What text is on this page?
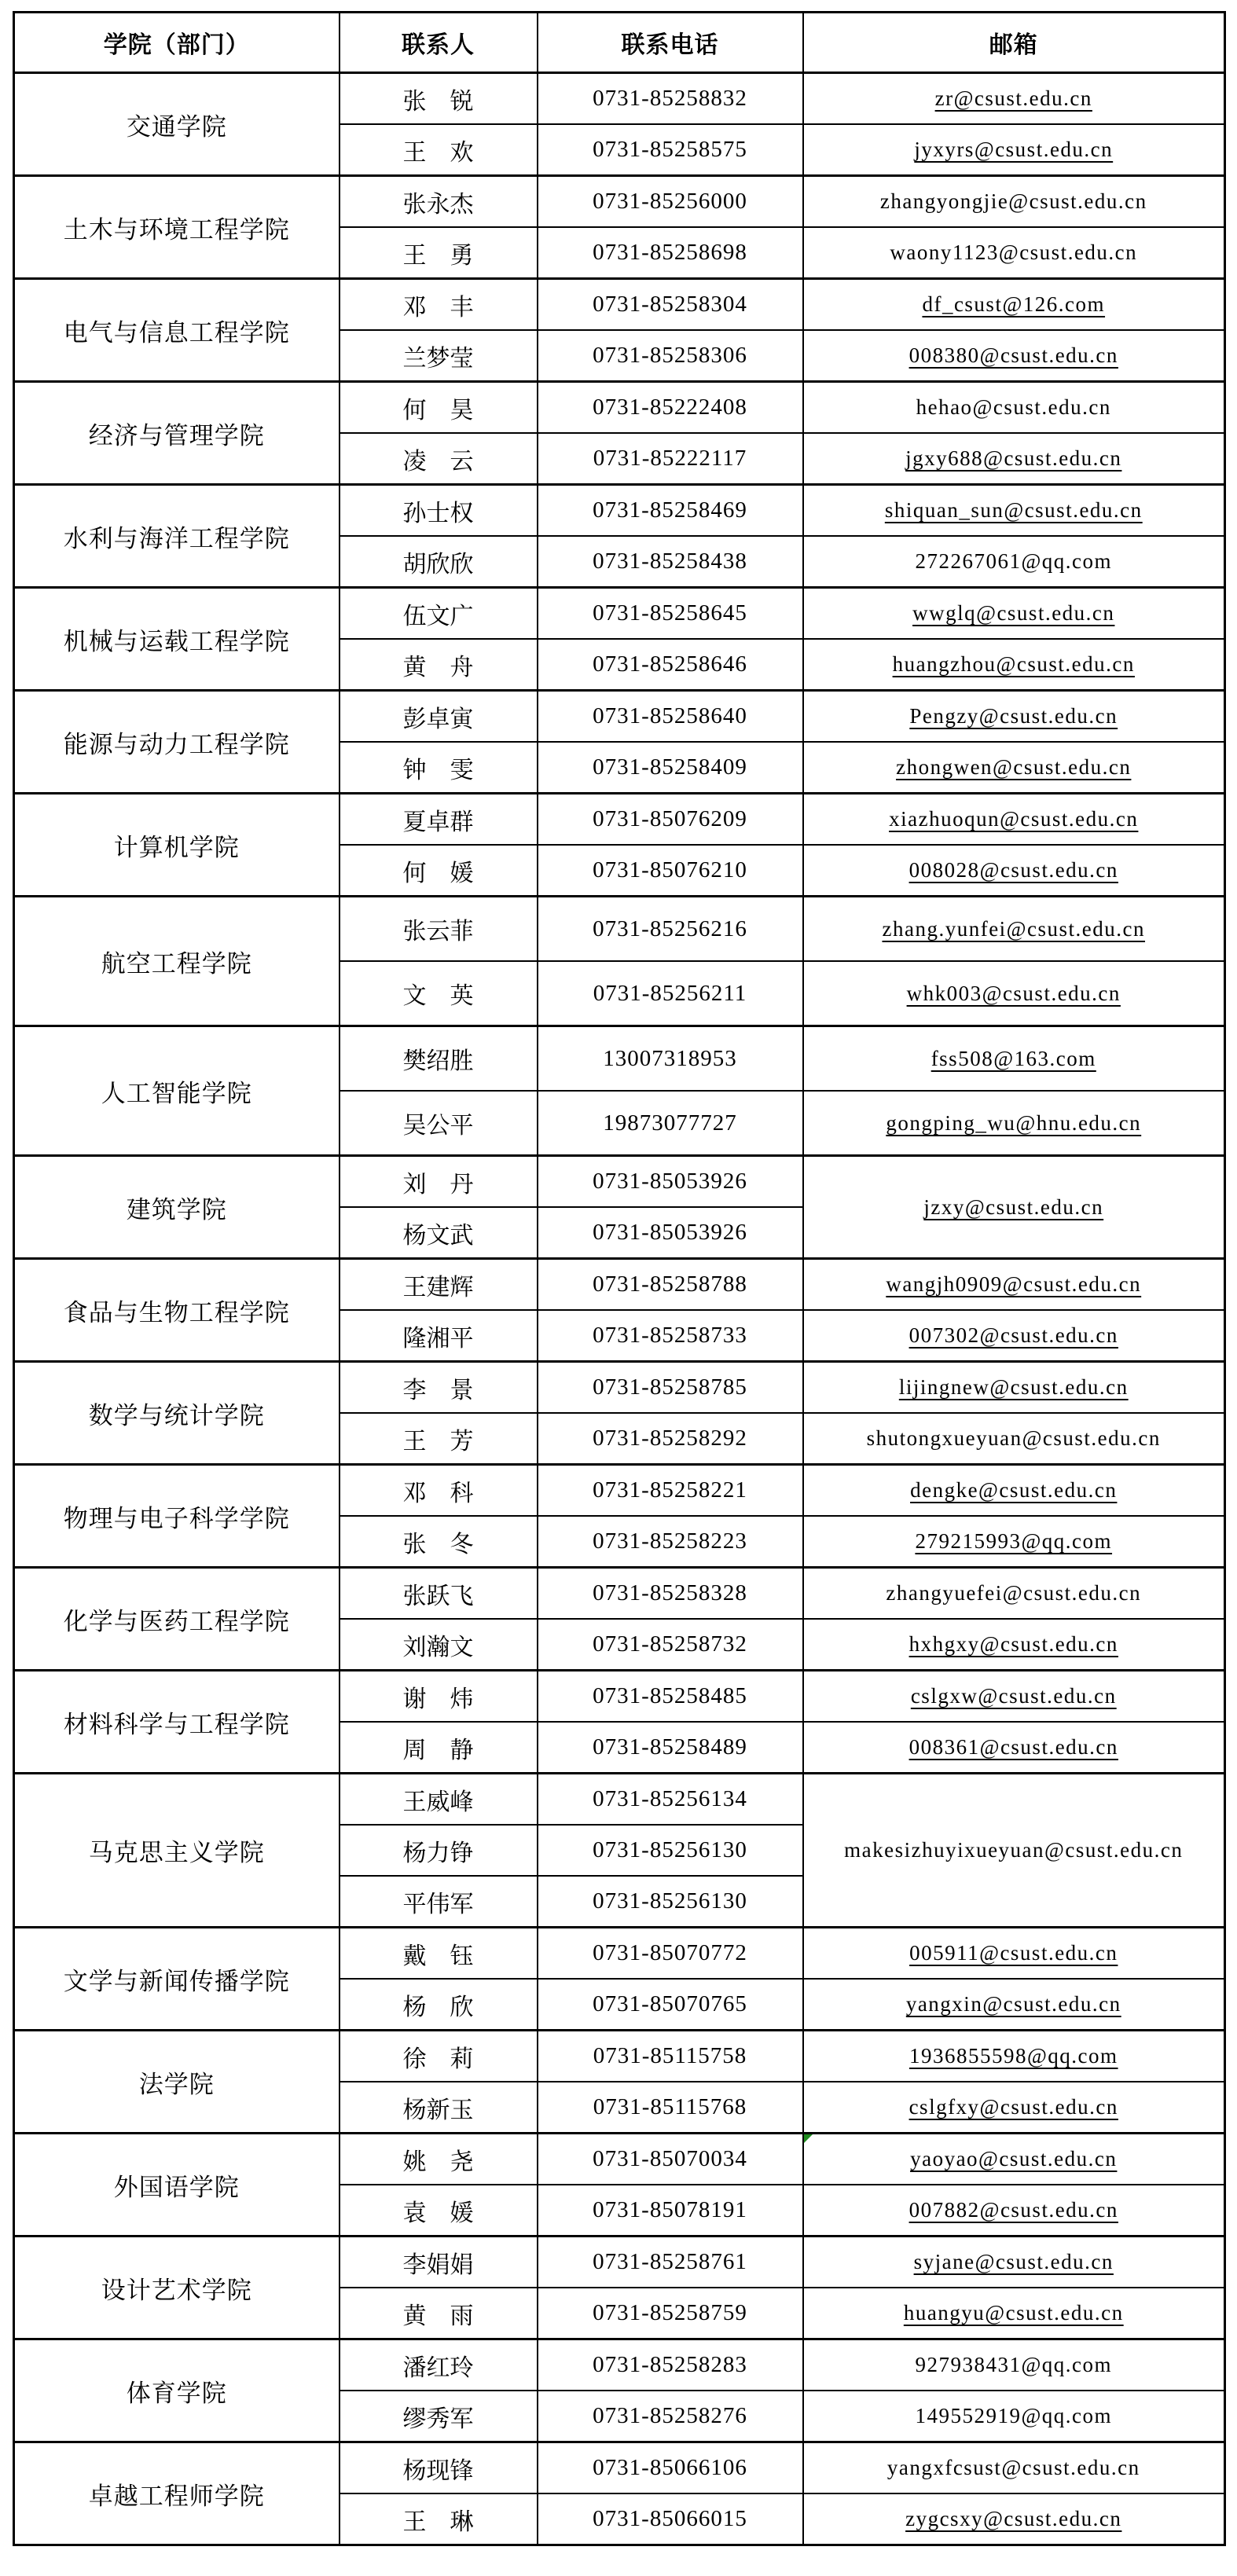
学院（部门）	联系人	联系电话	邮箱
交通学院	张　锐	0731-85258832	zr@csust.edu.cn
	王　欢	0731-85258575	jyxyrs@csust.edu.cn
土木与环境工程学院	张永杰	0731-85256000	zhangyongjie@csust.edu.cn
	王　勇	0731-85258698	waony1123@csust.edu.cn
电气与信息工程学院	邓　丰	0731-85258304	df_csust@126.com
	兰梦莹	0731-85258306	008380@csust.edu.cn
经济与管理学院	何　昊	0731-85222408	hehao@csust.edu.cn
	凌　云	0731-85222117	jgxy688@csust.edu.cn
水利与海洋工程学院	孙士权	0731-85258469	shiquan_sun@csust.edu.cn
	胡欣欣	0731-85258438	272267061@qq.com
机械与运载工程学院	伍文广	0731-85258645	wwglq@csust.edu.cn
	黄　舟	0731-85258646	huangzhou@csust.edu.cn
能源与动力工程学院	彭卓寅	0731-85258640	Pengzy@csust.edu.cn
	钟　雯	0731-85258409	zhongwen@csust.edu.cn
计算机学院	夏卓群	0731-85076209	xiazhuoqun@csust.edu.cn
	何　媛	0731-85076210	008028@csust.edu.cn
航空工程学院	张云菲	0731-85256216	zhang.yunfei@csust.edu.cn
	文　英	0731-85256211	whk003@csust.edu.cn
人工智能学院	樊绍胜	13007318953	fss508@163.com
	吴公平	19873077727	gongping_wu@hnu.edu.cn
建筑学院	刘　丹	0731-85053926	jzxy@csust.edu.cn
	杨文武	0731-85053926	
食品与生物工程学院	王建辉	0731-85258788	wangjh0909@csust.edu.cn
	隆湘平	0731-85258733	007302@csust.edu.cn
数学与统计学院	李　景	0731-85258785	lijingnew@csust.edu.cn
	王　芳	0731-85258292	shutongxueyuan@csust.edu.cn
物理与电子科学学院	邓　科	0731-85258221	dengke@csust.edu.cn
	张　冬	0731-85258223	279215993@qq.com
化学与医药工程学院	张跃飞	0731-85258328	zhangyuefei@csust.edu.cn
	刘瀚文	0731-85258732	hxhgxy@csust.edu.cn
材料科学与工程学院	谢　炜	0731-85258485	cslgxw@csust.edu.cn
	周　静	0731-85258489	008361@csust.edu.cn
马克思主义学院	王威峰	0731-85256134	makesizhuyixueyuan@csust.edu.cn
	杨力铮	0731-85256130	
	平伟军	0731-85256130	
文学与新闻传播学院	戴　钰	0731-85070772	005911@csust.edu.cn
	杨　欣	0731-85070765	yangxin@csust.edu.cn
法学院	徐　莉	0731-85115758	1936855598@qq.com
	杨新玉	0731-85115768	cslgfxy@csust.edu.cn
外国语学院	姚　尧	0731-85070034	yaoyao@csust.edu.cn
	袁　媛	0731-85078191	007882@csust.edu.cn
设计艺术学院	李娟娟	0731-85258761	syjane@csust.edu.cn
	黄　雨	0731-85258759	huangyu@csust.edu.cn
体育学院	潘红玲	0731-85258283	927938431@qq.com
	缪秀军	0731-85258276	149552919@qq.com
卓越工程师学院	杨现锋	0731-85066106	yangxfcsust@csust.edu.cn
	王　琳	0731-85066015	zygcsxy@csust.edu.cn
